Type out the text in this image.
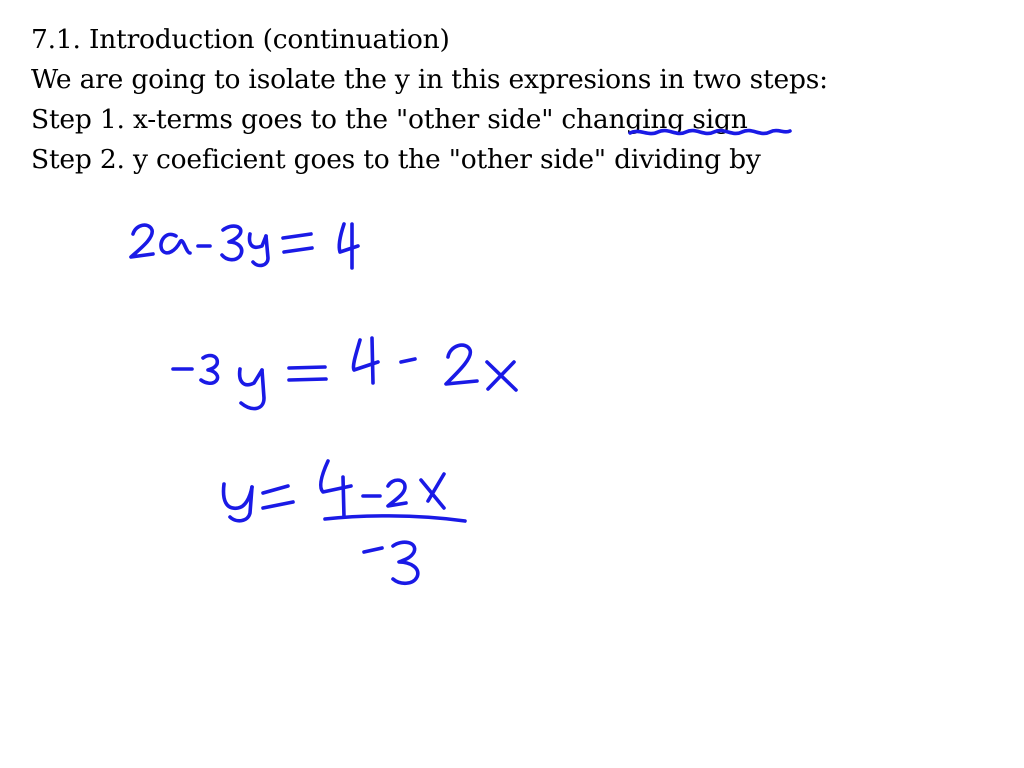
7.1. Introduction (continuation)
We are going to isolate the y in this expresions in two steps:
Step 1. x-terms goes to the "other side" changing sign
Step 2. y coeficient goes to the "other side" dividing by
